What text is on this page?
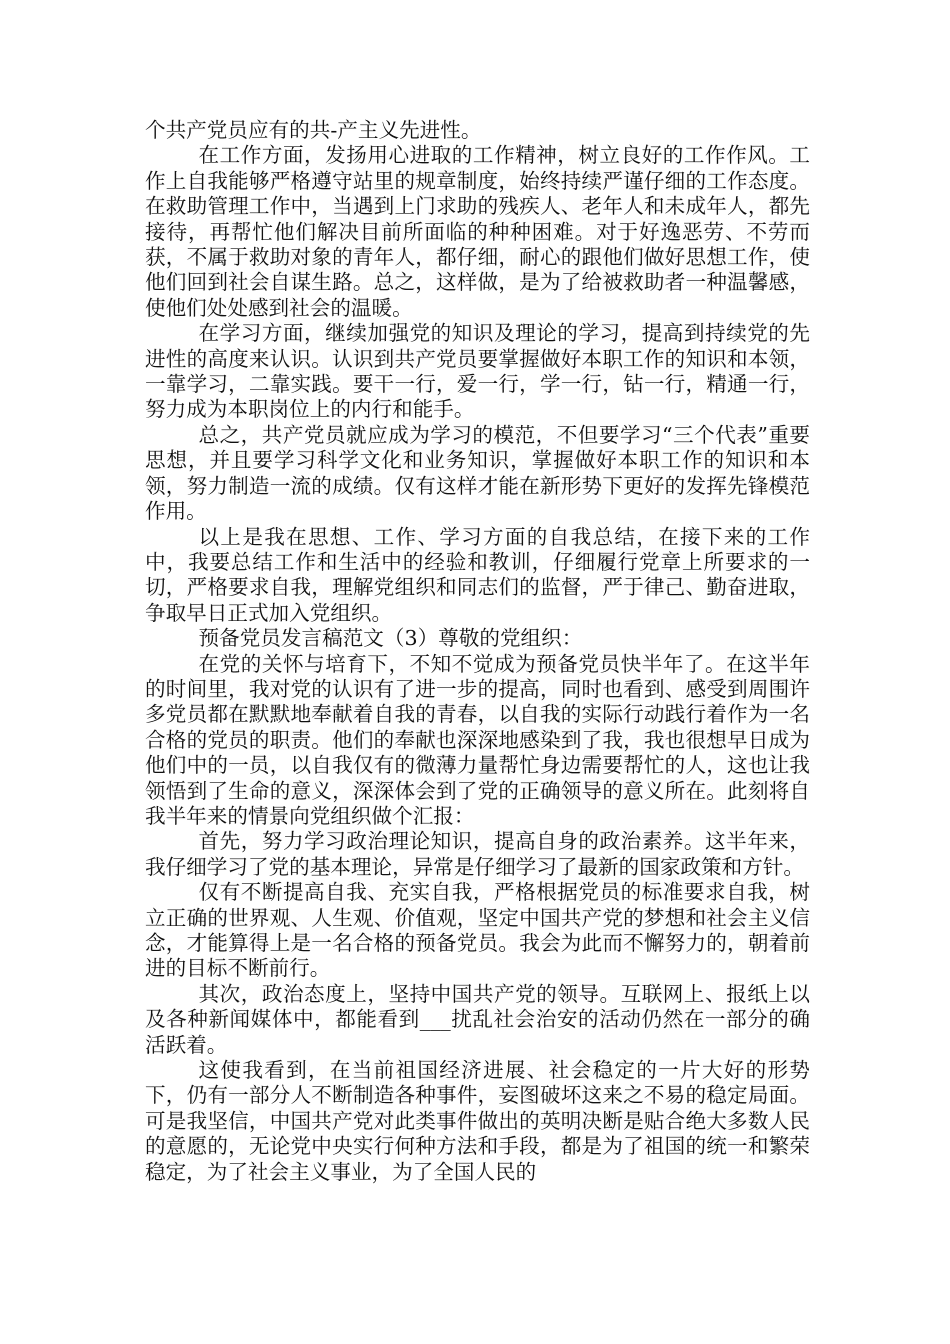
个共产党员应有的共-产主义先进性。

在工作方面，发扬用心进取的工作精神，树立良好的工作作风。工作上自我能够严格遵守站里的规章制度，始终持续严谨仔细的工作态度。在救助管理工作中，当遇到上门求助的残疾人、老年人和未成年人，都先接待，再帮忙他们解决目前所面临的种种困难。对于好逸恶劳、不劳而获，不属于救助对象的青年人，都仔细，耐心的跟他们做好思想工作，使他们回到社会自谋生路。总之，这样做，是为了给被救助者一种温馨感，使他们处处感到社会的温暖。

在学习方面，继续加强党的知识及理论的学习，提高到持续党的先进性的高度来认识。认识到共产党员要掌握做好本职工作的知识和本领，一靠学习，二靠实践。要干一行，爱一行，学一行，钻一行，精通一行，努力成为本职岗位上的内行和能手。

总之，共产党员就应成为学习的模范，不但要学习“三个代表”重要思想，并且要学习科学文化和业务知识，掌握做好本职工作的知识和本领，努力制造一流的成绩。仅有这样才能在新形势下更好的发挥先锋模范作用。

以上是我在思想、工作、学习方面的自我总结，在接下来的工作中，我要总结工作和生活中的经验和教训，仔细履行党章上所要求的一切，严格要求自我，理解党组织和同志们的监督，严于律己、勤奋进取，争取早日正式加入党组织。

预备党员发言稿范文（3）尊敬的党组织：

在党的关怀与培育下，不知不觉成为预备党员快半年了。在这半年的时间里，我对党的认识有了进一步的提高，同时也看到、感受到周围许多党员都在默默地奉献着自我的青春，以自我的实际行动践行着作为一名合格的党员的职责。他们的奉献也深深地感染到了我，我也很想早日成为他们中的一员，以自我仅有的微薄力量帮忙身边需要帮忙的人，这也让我领悟到了生命的意义，深深体会到了党的正确领导的意义所在。此刻将自我半年来的情景向党组织做个汇报：

首先，努力学习政治理论知识，提高自身的政治素养。这半年来，我仔细学习了党的基本理论，异常是仔细学习了最新的国家政策和方针。

仅有不断提高自我、充实自我，严格根据党员的标准要求自我，树立正确的世界观、人生观、价值观，坚定中国共产党的梦想和社会主义信念，才能算得上是一名合格的预备党员。我会为此而不懈努力的，朝着前进的目标不断前行。

其次，政治态度上，坚持中国共产党的领导。互联网上、报纸上以及各种新闻媒体中，都能看到___扰乱社会治安的活动仍然在一部分的确活跃着。

这使我看到，在当前祖国经济进展、社会稳定的一片大好的形势下，仍有一部分人不断制造各种事件，妄图破坏这来之不易的稳定局面。可是我坚信，中国共产党对此类事件做出的英明决断是贴合绝大多数人民的意愿的，无论党中央实行何种方法和手段，都是为了祖国的统一和繁荣稳定，为了社会主义事业，为了全国人民的
